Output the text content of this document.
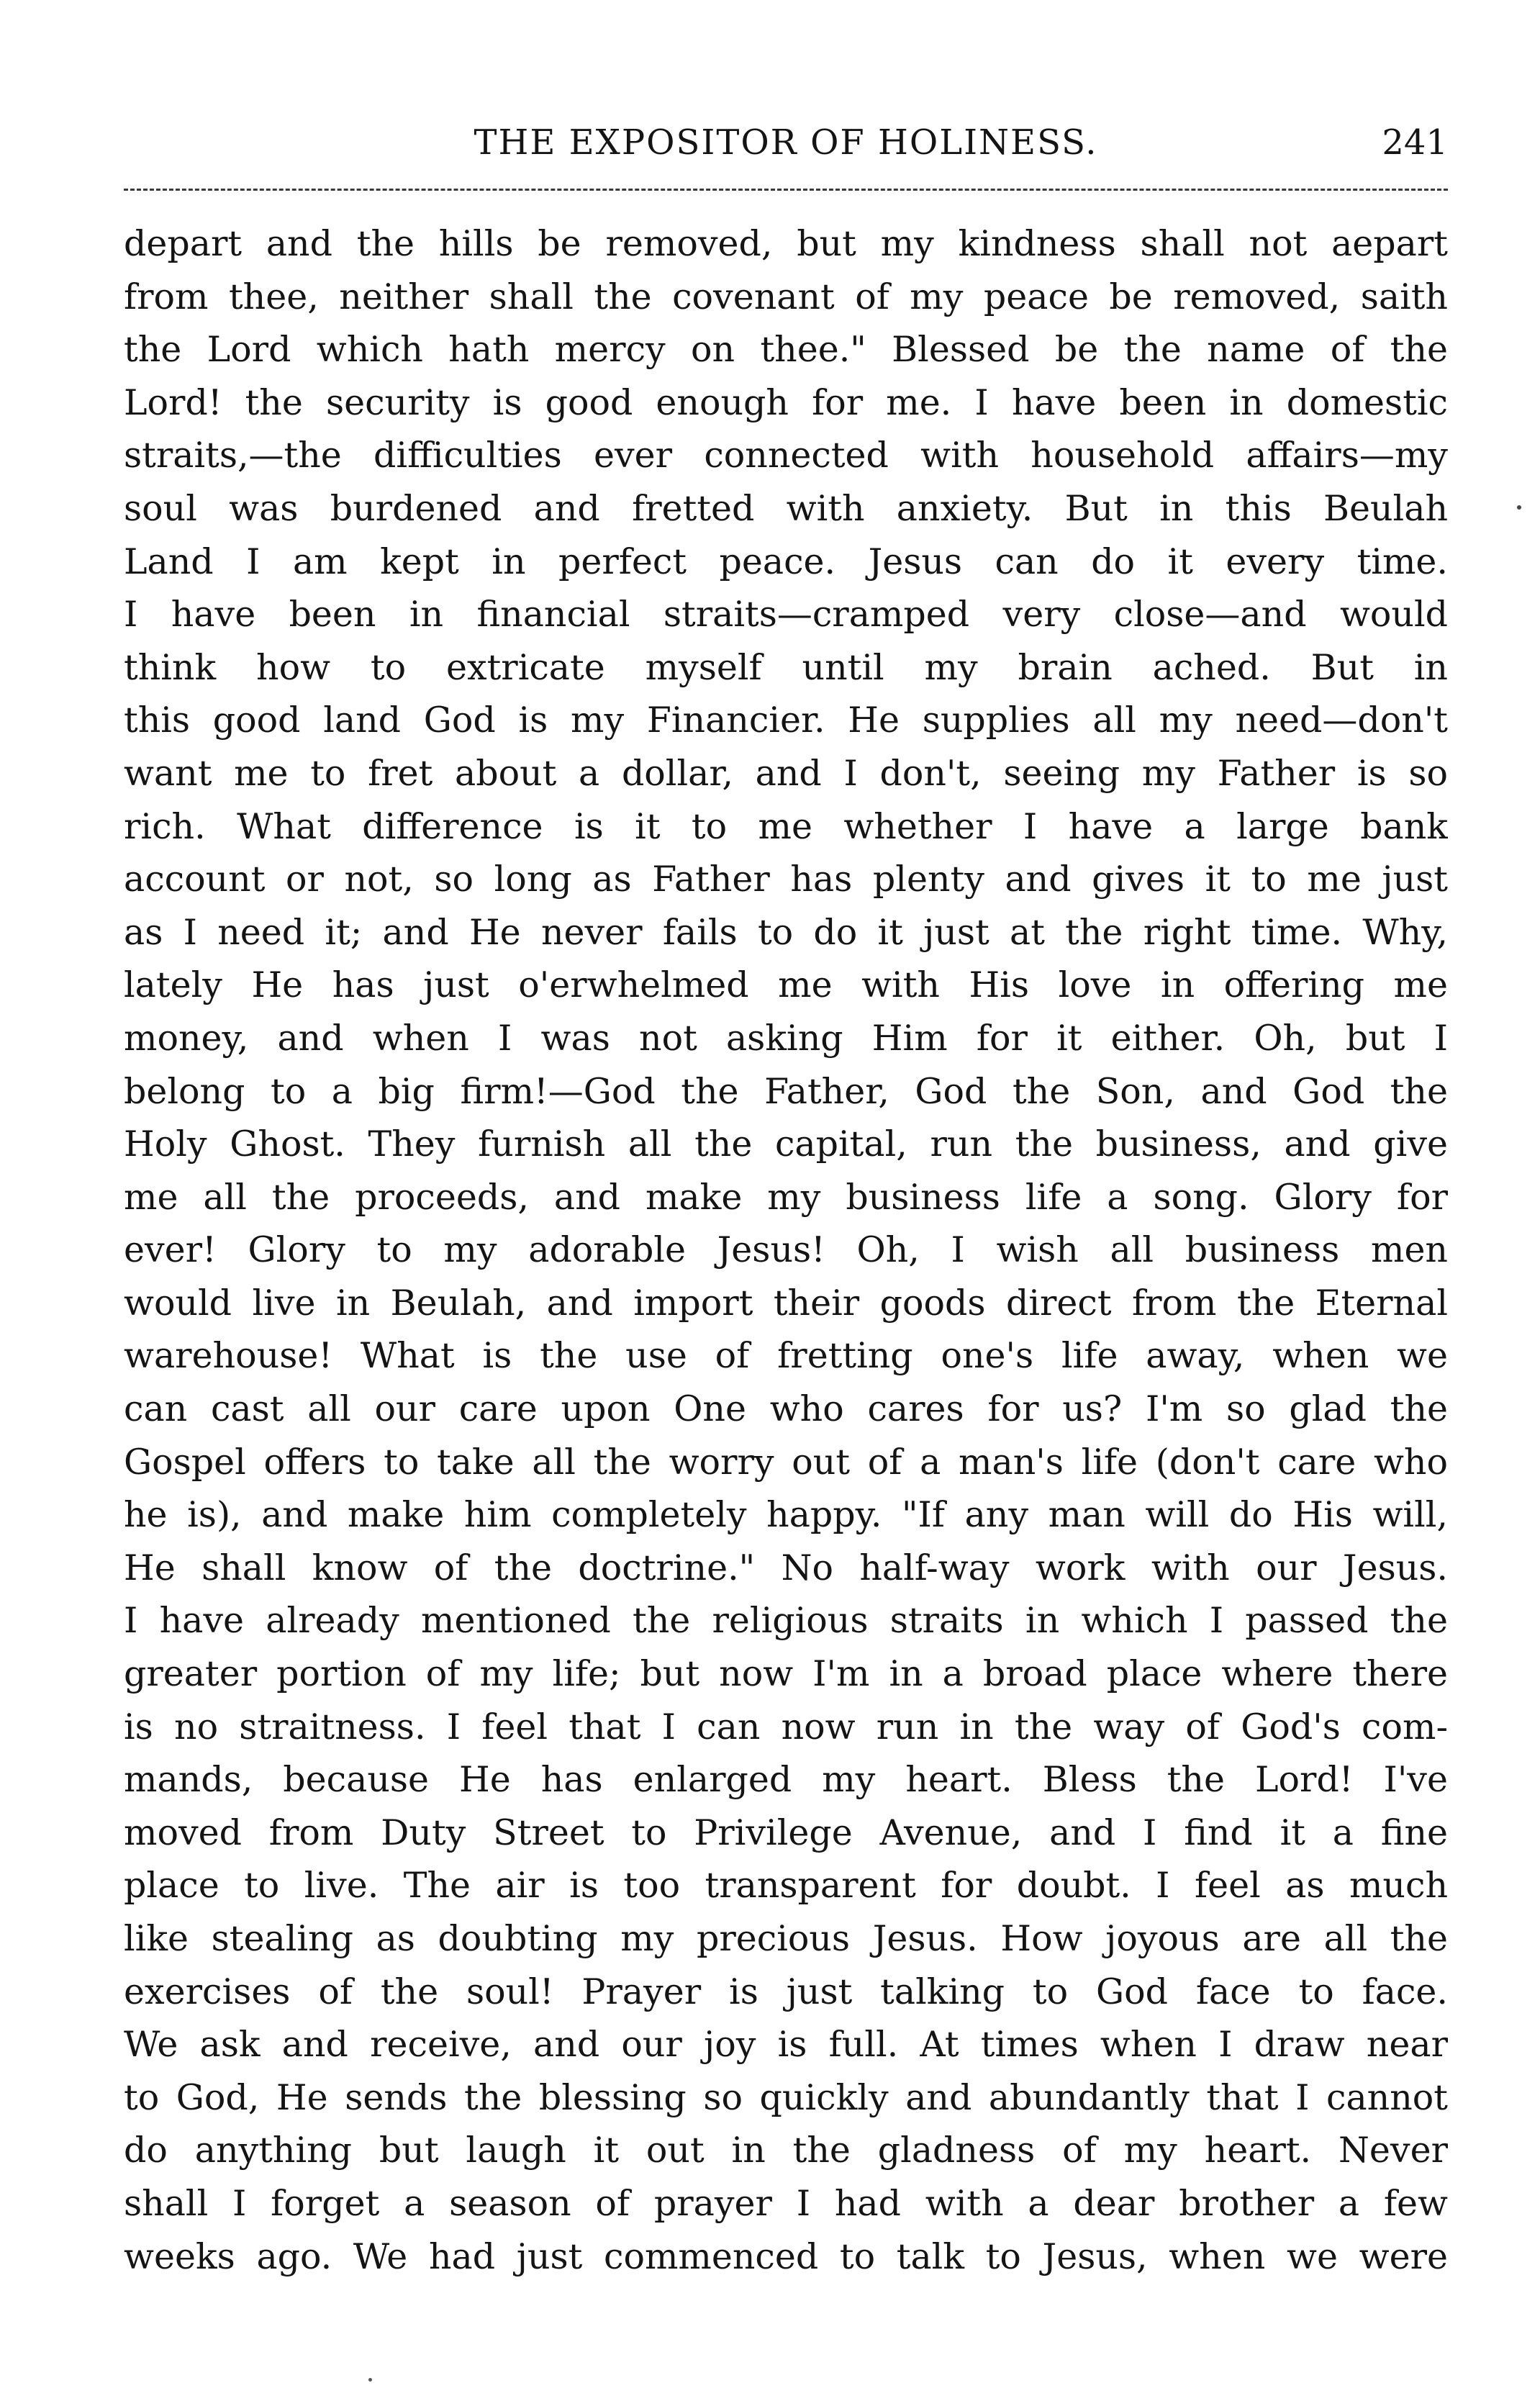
THE EXPOSITOR OF HOLINESS.	241
depart and the hills be removed, but my kindness shall not aepart
from thee, neither shall the covenant of my peace be removed, saith
the Lord which hath mercy on thee." Blessed be the name of the
Lord! the security is good enough for me. I have been in domestic
straits,—the difficulties ever connected with household affairs—my
soul was burdened and fretted with anxiety. But in this Beulah
Land I am kept in perfect peace. Jesus can do it every time.
I have been in financial straits—cramped very close—and would
think how to extricate myself until my brain ached. But in
this good land God is my Financier. He supplies all my need—don't
want me to fret about a dollar, and I don't, seeing my Father is so
rich. What difference is it to me whether I have a large bank
account or not, so long as Father has plenty and gives it to me just
as I need it; and He never fails to do it just at the right time. Why,
lately He has just o'erwhelmed me with His love in offering me
money, and when I was not asking Him for it either. Oh, but I
belong to a big firm!—God the Father, God the Son, and God the
Holy Ghost. They furnish all the capital, run the business, and give
me all the proceeds, and make my business life a song. Glory for
ever! Glory to my adorable Jesus! Oh, I wish all business men
would live in Beulah, and import their goods direct from the Eternal
warehouse! What is the use of fretting one's life away, when we
can cast all our care upon One who cares for us? I'm so glad the
Gospel offers to take all the worry out of a man's life (don't care who
he is), and make him completely happy. "If any man will do His will,
He shall know of the doctrine." No half-way work with our Jesus.
I have already mentioned the religious straits in which I passed the
greater portion of my life; but now I'm in a broad place where there
is no straitness. I feel that I can now run in the way of God's com-
mands, because He has enlarged my heart. Bless the Lord! I've
moved from Duty Street to Privilege Avenue, and I find it a fine
place to live. The air is too transparent for doubt. I feel as much
like stealing as doubting my precious Jesus. How joyous are all the
exercises of the soul! Prayer is just talking to God face to face.
We ask and receive, and our joy is full. At times when I draw near
to God, He sends the blessing so quickly and abundantly that I cannot
do anything but laugh it out in the gladness of my heart. Never
shall I forget a season of prayer I had with a dear brother a few
weeks ago. We had just commenced to talk to Jesus, when we were
